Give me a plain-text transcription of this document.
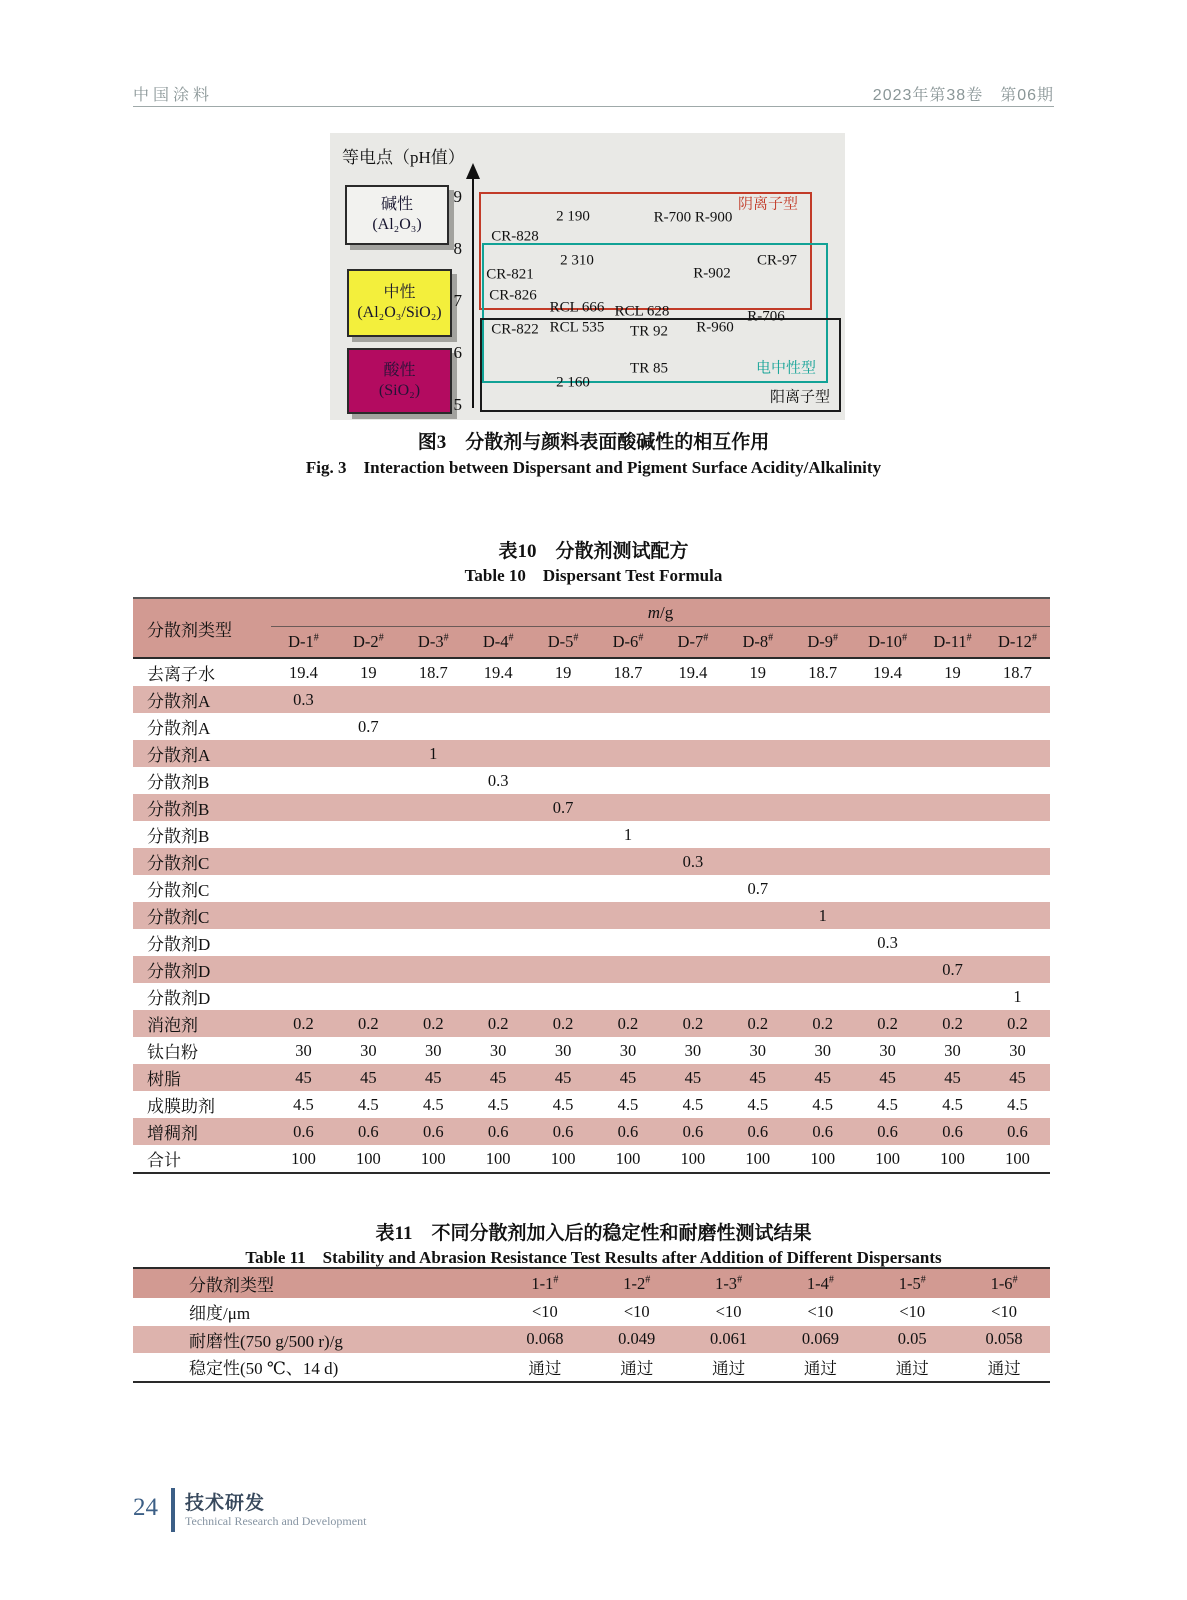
中国涂料	2023年第38卷　第06期
等电点（pH值）
碱性
(Al₂O₃)
中性
(Al₂O₃/SiO₂)
酸性
(SiO₂)
阴离子型
电中性型
阳离子型
9
8
7
6
5
2 190	R-700 R-900
CR-828
2 310	CR-97
CR-821	R-902
CR-826
RCL 666 RCL 628	R-706
RCL 535 TR 92 R-960
CR-822
TR 85
2 160
图3　分散剂与颜料表面酸碱性的相互作用
Fig. 3　Interaction between Dispersant and Pigment Surface Acidity/Alkalinity
表10　分散剂测试配方
Table 10　Dispersant Test Formula
表11　不同分散剂加入后的稳定性和耐磨性测试结果
Table 11　Stability and Abrasion Resistance Test Results after Addition of Different Dispersants
分散剂类型	m/g											
	D-1#	D-2#	D-3#	D-4#	D-5#	D-6#	D-7#	D-8#	D-9#	D-10#	D-11#	D-12#
去离子水	19.4	19	18.7	19.4	19	18.7	19.4	19	18.7	19.4	19	18.7
分散剂A	0.3											
分散剂A		0.7										
分散剂A			1									
分散剂B				0.3								
分散剂B					0.7							
分散剂B						1						
分散剂C							0.3					
分散剂C								0.7				
分散剂C									1			
分散剂D										0.3		
分散剂D											0.7	
分散剂D												1
消泡剂	0.2	0.2	0.2	0.2	0.2	0.2	0.2	0.2	0.2	0.2	0.2	0.2
钛白粉	30	30	30	30	30	30	30	30	30	30	30	30
树脂	45	45	45	45	45	45	45	45	45	45	45	45
成膜助剂	4.5	4.5	4.5	4.5	4.5	4.5	4.5	4.5	4.5	4.5	4.5	4.5
增稠剂	0.6	0.6	0.6	0.6	0.6	0.6	0.6	0.6	0.6	0.6	0.6	0.6
合计	100	100	100	100	100	100	100	100	100	100	100	100
分散剂类型	1-1#	1-2#	1-3#	1-4#	1-5#	1-6#
细度/μm	<10	<10	<10	<10	<10	<10
耐磨性(750 g/500 r)/g	0.068	0.049	0.061	0.069	0.05	0.058
稳定性(50 ℃、14 d)	通过	通过	通过	通过	通过	通过
24 技术研发
Technical Research and Development
